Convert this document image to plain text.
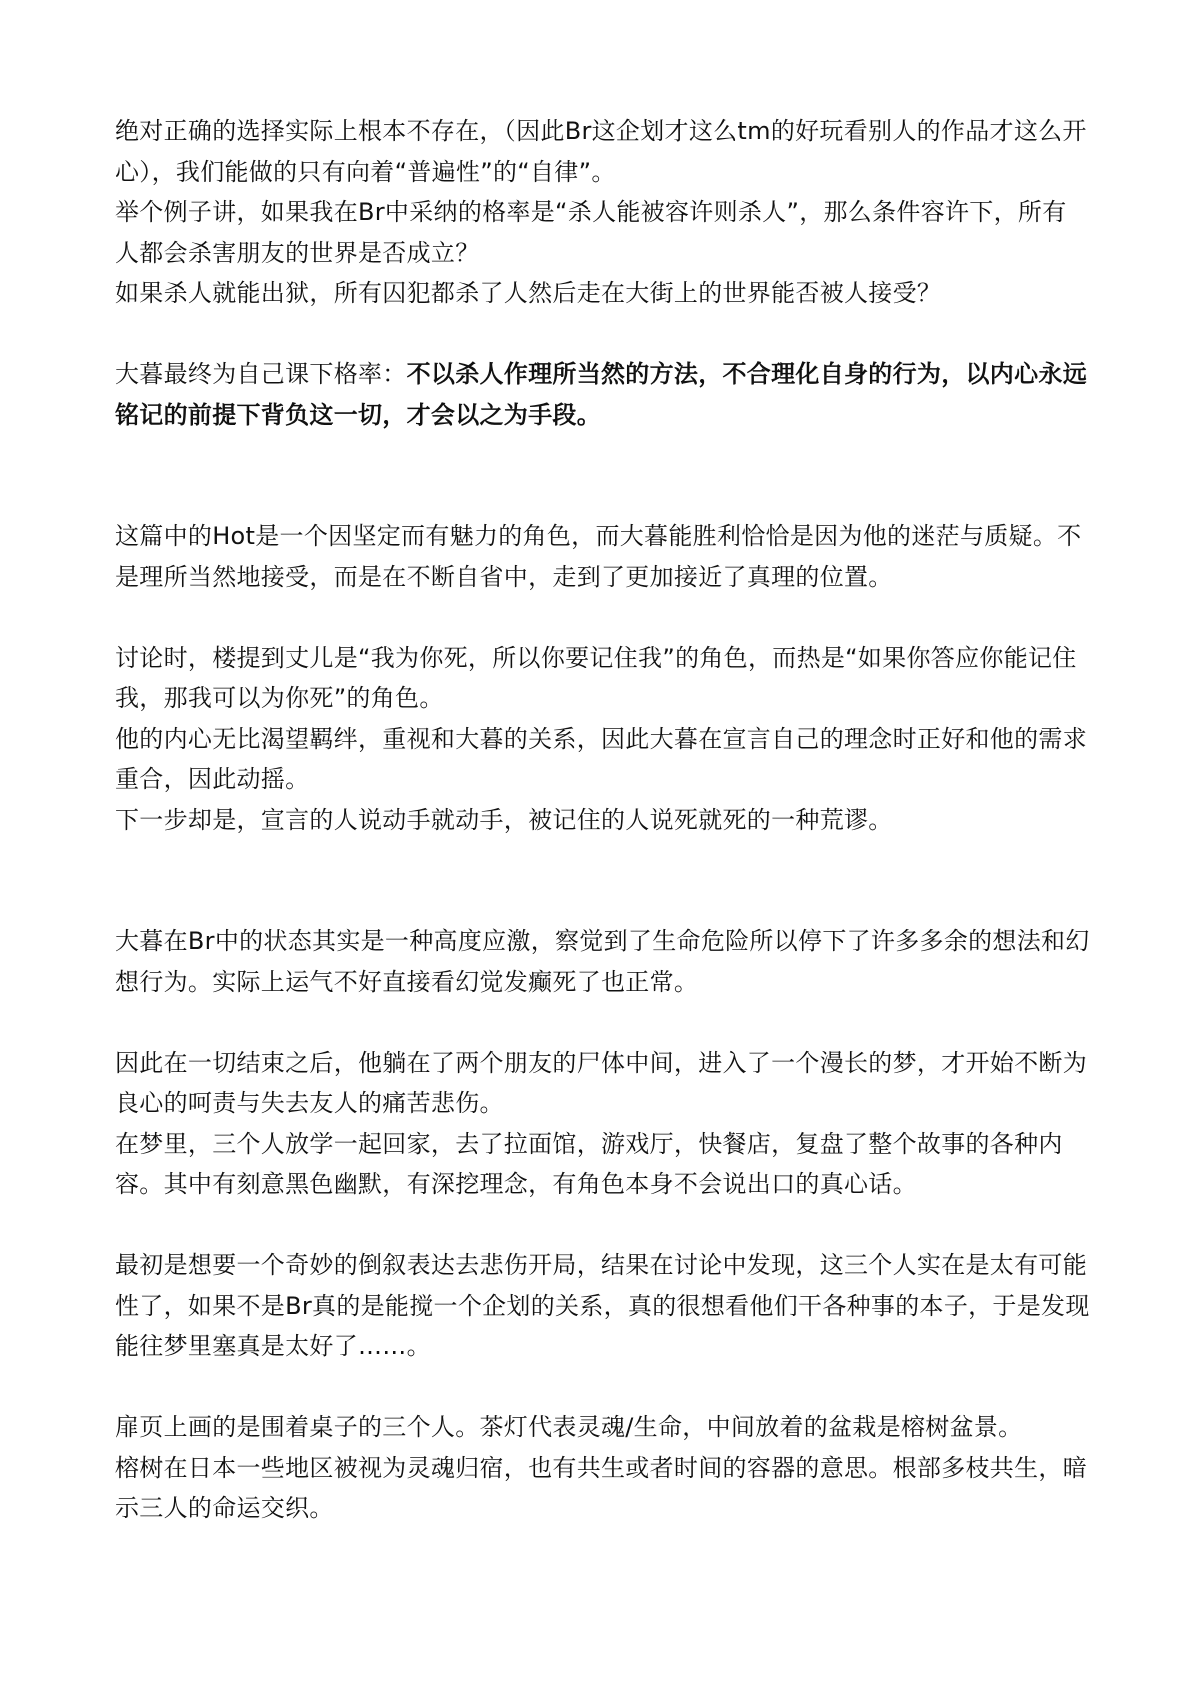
绝对正确的选择实际上根本不存在，（因此Br这企划才这么tm的好玩看别人的作品才这么开心），我们能做的只有向着“普遍性”的“自律”。

举个例子讲，如果我在Br中采纳的格率是“杀人能被容许则杀人”，那么条件容许下，所有人都会杀害朋友的世界是否成立？

如果杀人就能出狱，所有囚犯都杀了人然后走在大街上的世界能否被人接受？

大暮最终为自己课下格率：不以杀人作理所当然的方法，不合理化自身的行为，以内心永远铭记的前提下背负这一切，才会以之为手段。

这篇中的Hot是一个因坚定而有魅力的角色，而大暮能胜利恰恰是因为他的迷茫与质疑。不是理所当然地接受，而是在不断自省中，走到了更加接近了真理的位置。

讨论时，楼提到丈儿是“我为你死，所以你要记住我”的角色，而热是“如果你答应你能记住我，那我可以为你死”的角色。

他的内心无比渴望羁绊，重视和大暮的关系，因此大暮在宣言自己的理念时正好和他的需求重合，因此动摇。

下一步却是，宣言的人说动手就动手，被记住的人说死就死的一种荒谬。

大暮在Br中的状态其实是一种高度应激，察觉到了生命危险所以停下了许多多余的想法和幻想行为。实际上运气不好直接看幻觉发癫死了也正常。

因此在一切结束之后，他躺在了两个朋友的尸体中间，进入了一个漫长的梦，才开始不断为良心的呵责与失去友人的痛苦悲伤。

在梦里，三个人放学一起回家，去了拉面馆，游戏厅，快餐店，复盘了整个故事的各种内容。其中有刻意黑色幽默，有深挖理念，有角色本身不会说出口的真心话。

最初是想要一个奇妙的倒叙表达去悲伤开局，结果在讨论中发现，这三个人实在是太有可能性了，如果不是Br真的是能搅一个企划的关系，真的很想看他们干各种事的本子，于是发现能往梦里塞真是太好了……。

扉页上画的是围着桌子的三个人。茶灯代表灵魂/生命，中间放着的盆栽是榕树盆景。

榕树在日本一些地区被视为灵魂归宿，也有共生或者时间的容器的意思。根部多枝共生，暗示三人的命运交织。
